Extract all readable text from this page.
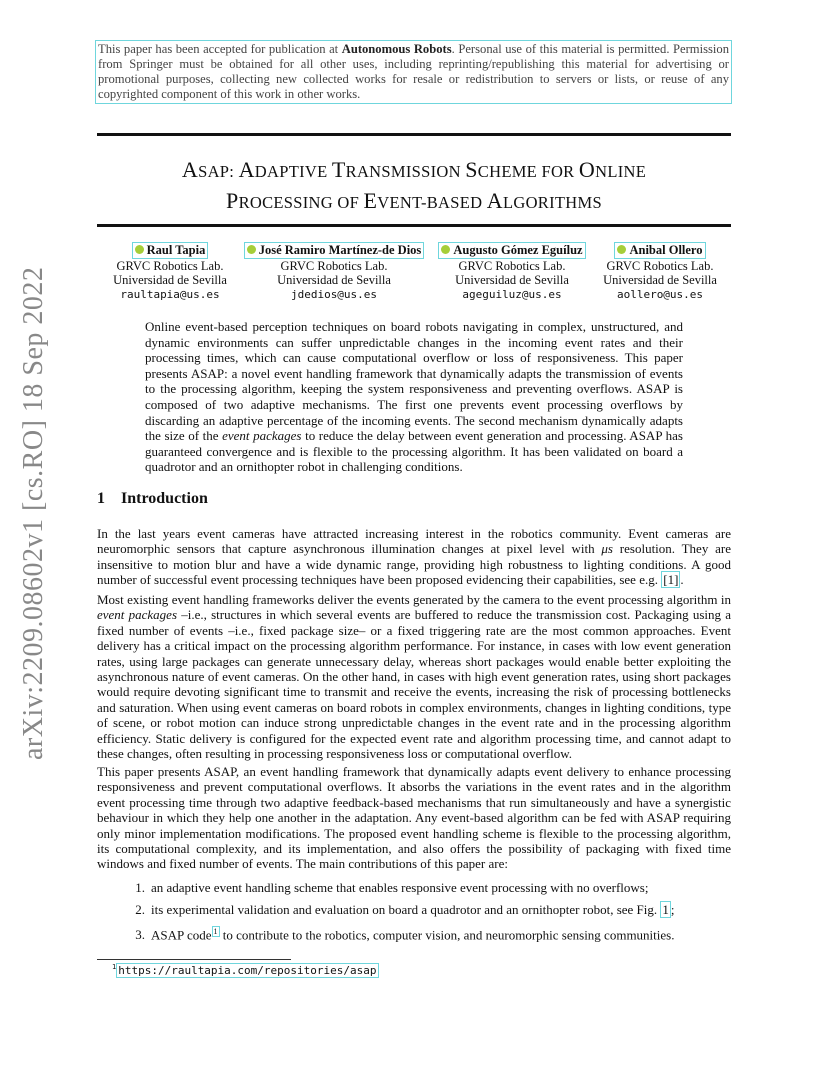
This paper has been accepted for publication at Autonomous Robots. Personal use of this material is permitted. Permission from Springer must be obtained for all other uses, including reprinting/republishing this material for advertising or promotional purposes, collecting new collected works for resale or redistribution to servers or lists, or reuse of any copyrighted component of this work in other works.
ASAP: ADAPTIVE TRANSMISSION SCHEME FOR ONLINE
PROCESSING OF EVENT-BASED ALGORITHMS
Raul Tapia
GRVC Robotics Lab.
Universidad de Sevilla
raultapia@us.es
José Ramiro Martínez-de Dios
GRVC Robotics Lab.
Universidad de Sevilla
jdedios@us.es
Augusto Gómez Eguíluz
GRVC Robotics Lab.
Universidad de Sevilla
ageguiluz@us.es
Anibal Ollero
GRVC Robotics Lab.
Universidad de Sevilla
aollero@us.es
Online event-based perception techniques on board robots navigating in complex, unstructured, and dynamic environments can suffer unpredictable changes in the incoming event rates and their processing times, which can cause computational overflow or loss of responsiveness. This paper presents ASAP: a novel event handling framework that dynamically adapts the transmission of events to the processing algorithm, keeping the system responsiveness and preventing overflows. ASAP is composed of two adaptive mechanisms. The first one prevents event processing overflows by discarding an adaptive percentage of the incoming events. The second mechanism dynamically adapts the size of the event packages to reduce the delay between event generation and processing. ASAP has guaranteed convergence and is flexible to the processing algorithm. It has been validated on board a quadrotor and an ornithopter robot in challenging conditions.
1 Introduction

In the last years event cameras have attracted increasing interest in the robotics community. Event cameras are neuromorphic sensors that capture asynchronous illumination changes at pixel level with μs resolution. They are insensitive to motion blur and have a wide dynamic range, providing high robustness to lighting conditions. A good number of successful event processing techniques have been proposed evidencing their capabilities, see e.g. [1] .

Most existing event handling frameworks deliver the events generated by the camera to the event processing algorithm in event packages –i.e., structures in which several events are buffered to reduce the transmission cost. Packaging using a fixed number of events –i.e., fixed package size– or a fixed triggering rate are the most common approaches. Event delivery has a critical impact on the processing algorithm performance. For instance, in cases with low event generation rates, using large packages can generate unnecessary delay, whereas short packages would enable better exploiting the asynchronous nature of event cameras. On the other hand, in cases with high event generation rates, using short packages would require devoting significant time to transmit and receive the events, increasing the risk of processing bottlenecks and saturation. When using event cameras on board robots in complex environments, changes in lighting conditions, type of scene, or robot motion can induce strong unpredictable changes in the event rate and in the processing algorithm efficiency. Static delivery is configured for the expected event rate and algorithm processing time, and cannot adapt to these changes, often resulting in processing responsiveness loss or computational overflow.

This paper presents ASAP, an event handling framework that dynamically adapts event delivery to enhance processing responsiveness and prevent computational overflows. It absorbs the variations in the event rates and in the algorithm event processing time through two adaptive feedback-based mechanisms that run simultaneously and have a synergistic behaviour in which they help one another in the adaptation. Any event-based algorithm can be fed with ASAP requiring only minor implementation modifications. The proposed event handling scheme is flexible to the processing algorithm, its computational complexity, and its implementation, and also offers the possibility of packaging with fixed time windows and fixed number of events. The main contributions of this paper are:

1. an adaptive event handling scheme that enables responsive event processing with no overflows;
2. its experimental validation and evaluation on board a quadrotor and an ornithopter robot, see Fig. 1 ;
3. ASAP code $^1$ to contribute to the robotics, computer vision, and neuromorphic sensing communities.
$^1$ https://raultapia.com/repositories/asap
arXiv:2209.08602v1 [cs.RO] 18 Sep 2022
